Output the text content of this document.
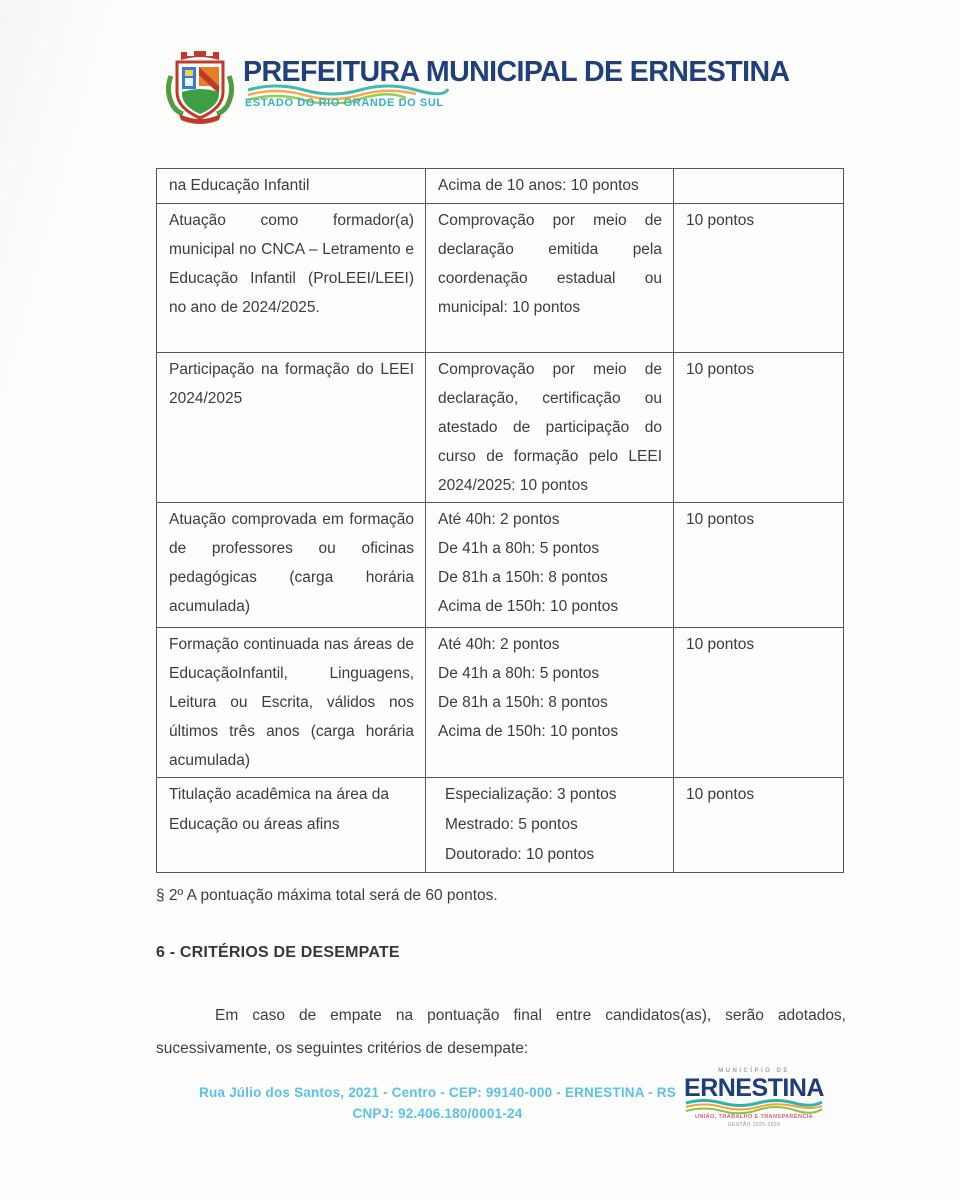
PREFEITURA MUNICIPAL DE ERNESTINA
ESTADO DO RIO GRANDE DO SUL
na Educação Infantil	Acima de 10 anos: 10 pontos	

Atuação como formador(a) municipal no CNCA – Letramento e Educação Infantil (ProLEEI/LEEI) no ano de 2024/2025.	Comprovação por meio de declaração emitida pela coordenação estadual ou municipal: 10 pontos	10 pontos

Participação na formação do LEEI 2024/2025	Comprovação por meio de declaração, certificação ou atestado de participação do curso de formação pelo LEEI 2024/2025: 10 pontos	10 pontos

Atuação comprovada em formação de professores ou oficinas pedagógicas (carga horária acumulada)	Até 40h: 2 pontos
De 41h a 80h: 5 pontos
De 81h a 150h: 8 pontos
Acima de 150h: 10 pontos	10 pontos

Formação continuada nas áreas de EducaçãoInfantil, Linguagens, Leitura ou Escrita, válidos nos últimos três anos (carga horária acumulada)	Até 40h: 2 pontos
De 41h a 80h: 5 pontos
De 81h a 150h: 8 pontos
Acima de 150h: 10 pontos	10 pontos

Titulação acadêmica na área da Educação ou áreas afins	Especialização: 3 pontos
Mestrado: 5 pontos
Doutorado: 10 pontos	10 pontos
§ 2º A pontuação máxima total será de 60 pontos.
6 - CRITÉRIOS DE DESEMPATE
Em caso de empate na pontuação final entre candidatos(as), serão adotados, sucessivamente, os seguintes critérios de desempate:
Rua Júlio dos Santos, 2021 - Centro - CEP: 99140-000 - ERNESTINA - RS
CNPJ: 92.406.180/0001-24
MUNICÍPIO DE
ERNESTINA
UNIÃO, TRABALHO E TRANSPARÊNCIA
GESTÃO 2025-2028
